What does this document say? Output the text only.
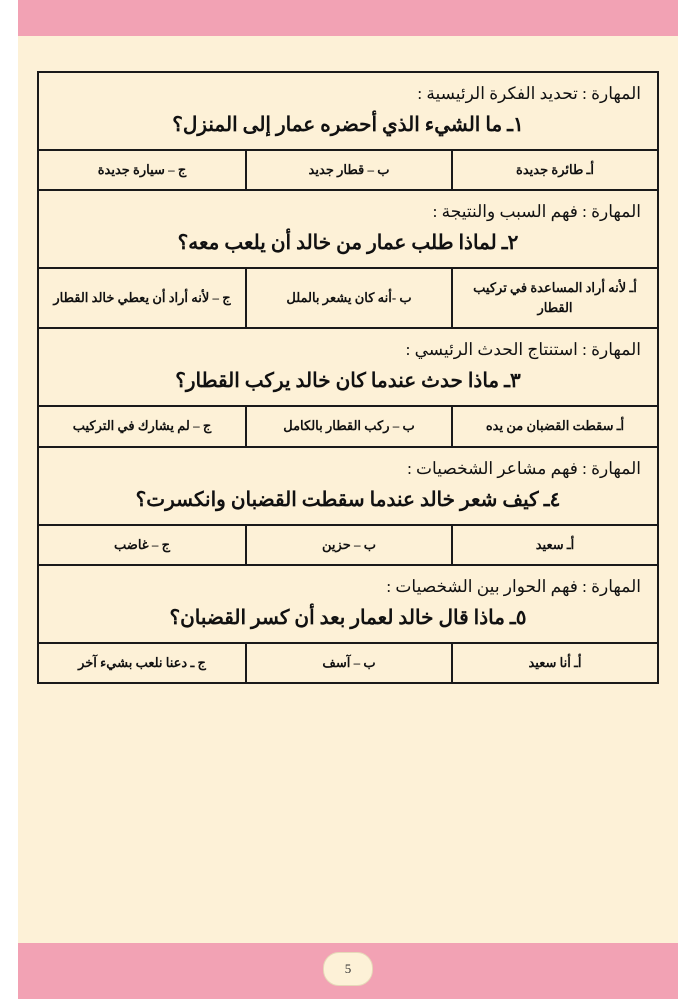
المهارة : تحديد الفكرة الرئيسية :
١ـ ما الشيء الذي أحضره عمار إلى المنزل؟
أـ طائرة جديدة
ب – قطار جديد
ج – سيارة جديدة
المهارة : فهم السبب والنتيجة :
٢ـ لماذا طلب عمار من خالد أن يلعب معه؟
أـ لأنه أراد المساعدة في تركيب القطار
ب -أنه كان يشعر بالملل
ج – لأنه أراد أن يعطي خالد القطار
المهارة : استنتاج الحدث الرئيسي :
٣ـ ماذا حدث عندما كان خالد يركب القطار؟
أـ سقطت القضبان من يده
ب – ركب القطار بالكامل
ج – لم يشارك في التركيب
المهارة : فهم مشاعر الشخصيات :
٤ـ كيف شعر خالد عندما سقطت القضبان وانكسرت؟
أـ سعيد
ب – حزين
ج – غاضب
المهارة : فهم الحوار بين الشخصيات :
٥ـ ماذا قال خالد لعمار بعد أن كسر القضبان؟
أـ أنا سعيد
ب – آسف
ج ـ دعنا نلعب بشيء آخر
5
